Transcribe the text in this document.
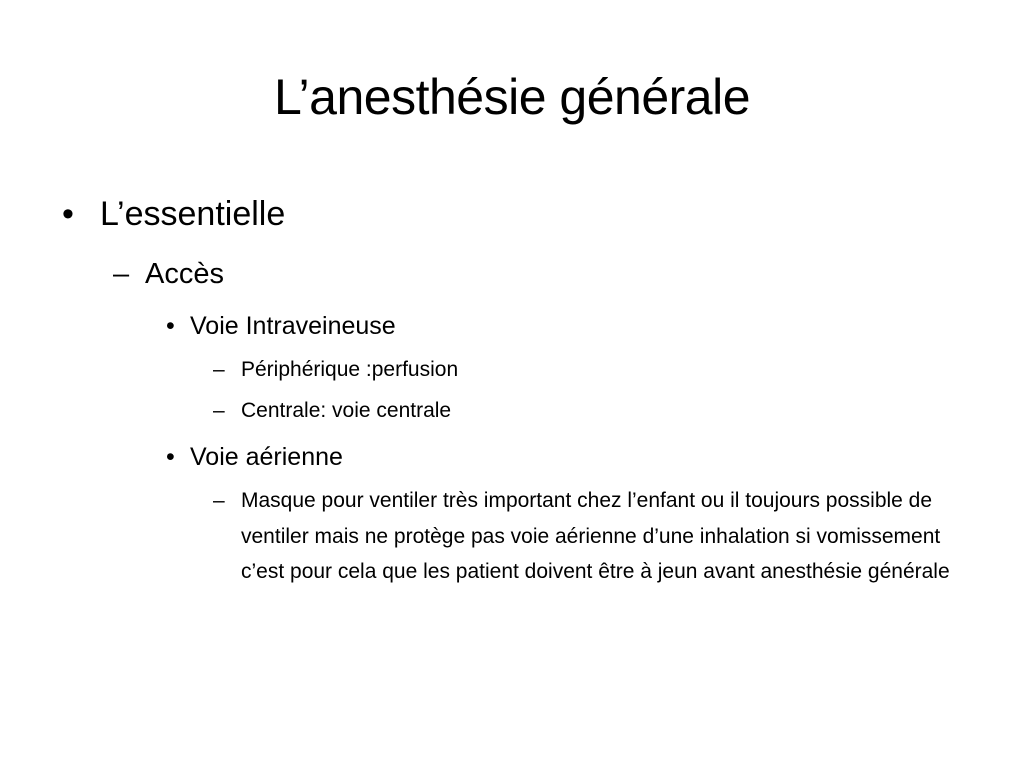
L’anesthésie générale
• L’essentielle
– Accès
• Voie Intraveineuse
– Périphérique :perfusion
– Centrale: voie centrale
• Voie aérienne
– Masque pour ventiler très important chez l’enfant ou il toujours possible de ventiler mais ne protège pas voie aérienne d’une inhalation si vomissement c’est pour cela que les patient doivent être à jeun avant anesthésie générale
